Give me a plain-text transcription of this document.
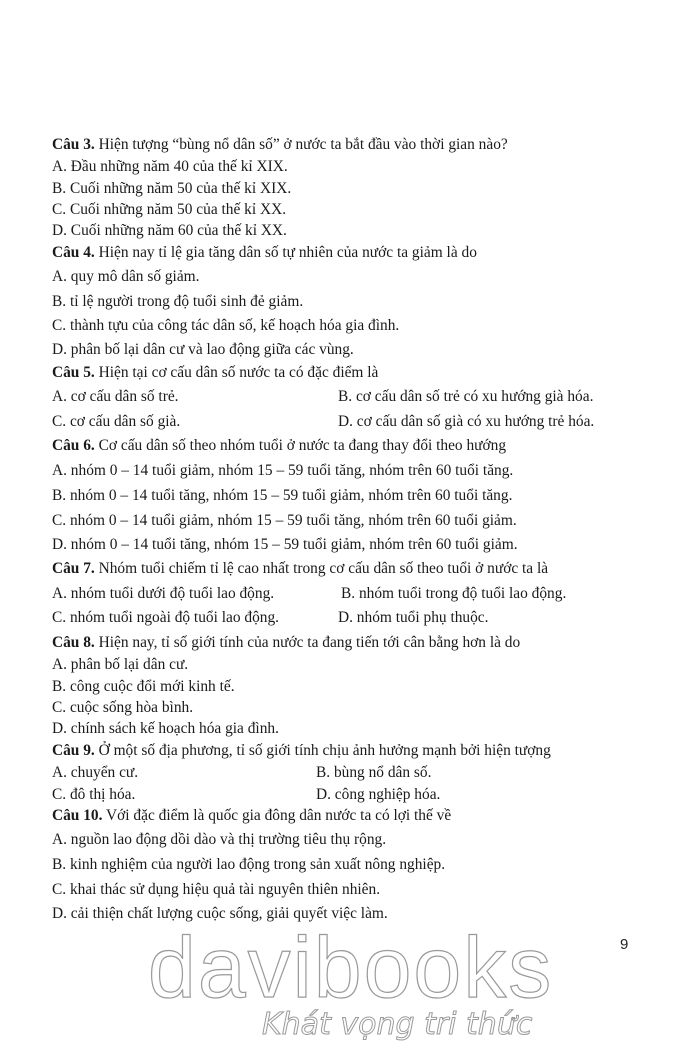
Câu 3. Hiện tượng “bùng nổ dân số” ở nước ta bắt đầu vào thời gian nào?
A. Đầu những năm 40 của thế kỉ XIX.
B. Cuối những năm 50 của thế kỉ XIX.
C. Cuối những năm 50 của thế kỉ XX.
D. Cuối những năm 60 của thế kỉ XX.
Câu 4. Hiện nay tỉ lệ gia tăng dân số tự nhiên của nước ta giảm là do
A. quy mô dân số giảm.
B. tỉ lệ người trong độ tuổi sinh đẻ giảm.
C. thành tựu của công tác dân số, kế hoạch hóa gia đình.
D. phân bố lại dân cư và lao động giữa các vùng.
Câu 5. Hiện tại cơ cấu dân số nước ta có đặc điểm là
A. cơ cấu dân số trẻ.	B. cơ cấu dân số trẻ có xu hướng già hóa.
C. cơ cấu dân số già.	D. cơ cấu dân số già có xu hướng trẻ hóa.
Câu 6. Cơ cấu dân số theo nhóm tuổi ở nước ta đang thay đổi theo hướng
A. nhóm 0 – 14 tuổi giảm, nhóm 15 – 59 tuổi tăng, nhóm trên 60 tuổi tăng.
B. nhóm 0 – 14 tuổi tăng, nhóm 15 – 59 tuổi giảm, nhóm trên 60 tuổi tăng.
C. nhóm 0 – 14 tuổi giảm, nhóm 15 – 59 tuổi tăng, nhóm trên 60 tuổi giảm.
D. nhóm 0 – 14 tuổi tăng, nhóm 15 – 59 tuổi giảm, nhóm trên 60 tuổi giảm.
Câu 7. Nhóm tuổi chiếm tỉ lệ cao nhất trong cơ cấu dân số theo tuổi ở nước ta là
A. nhóm tuổi dưới độ tuổi lao động.	B. nhóm tuổi trong độ tuổi lao động.
C. nhóm tuổi ngoài độ tuổi lao động.	D. nhóm tuổi phụ thuộc.
Câu 8. Hiện nay, tỉ số giới tính của nước ta đang tiến tới cân bằng hơn là do
A. phân bố lại dân cư.
B. công cuộc đổi mới kinh tế.
C. cuộc sống hòa bình.
D. chính sách kế hoạch hóa gia đình.
Câu 9. Ở một số địa phương, tỉ số giới tính chịu ảnh hưởng mạnh bởi hiện tượng
A. chuyển cư.	B. bùng nổ dân số.
C. đô thị hóa.	D. công nghiệp hóa.
Câu 10. Với đặc điểm là quốc gia đông dân nước ta có lợi thế về
A. nguồn lao động dồi dào và thị trường tiêu thụ rộng.
B. kinh nghiệm của người lao động trong sản xuất nông nghiệp.
C. khai thác sử dụng hiệu quả tài nguyên thiên nhiên.
D. cải thiện chất lượng cuộc sống, giải quyết việc làm.
9
davibooks
Khát vọng tri thức
